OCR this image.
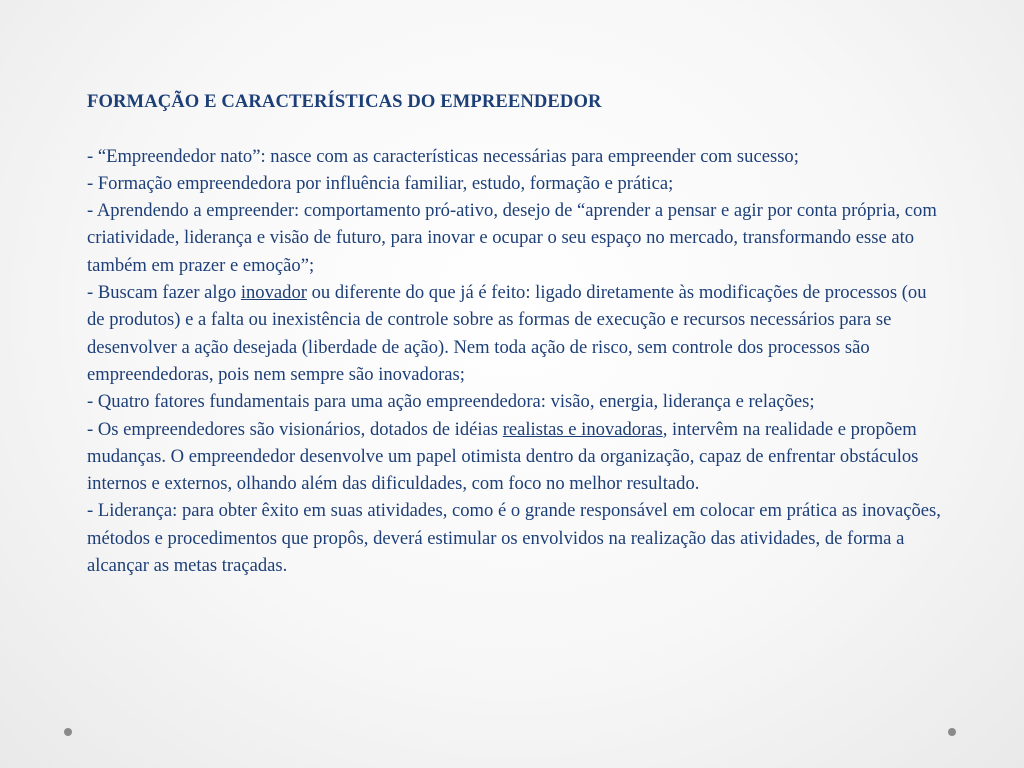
FORMAÇÃO E CARACTERÍSTICAS DO EMPREENDEDOR

- “Empreendedor nato”: nasce com as características necessárias para empreender com sucesso;

- Formação empreendedora por influência familiar, estudo, formação e prática;

- Aprendendo a empreender: comportamento pró-ativo, desejo de “aprender a pensar e agir por conta própria, com criatividade, liderança e visão de futuro, para inovar e ocupar o seu espaço no mercado, transformando esse ato também em prazer e emoção”;

- Buscam fazer algo inovador ou diferente do que já é feito: ligado diretamente às modificações de processos (ou de produtos) e a falta ou inexistência de controle sobre as formas de execução e recursos necessários para se desenvolver a ação desejada (liberdade de ação). Nem toda ação de risco, sem controle dos processos são empreendedoras, pois nem sempre são inovadoras;

- Quatro fatores fundamentais para uma ação empreendedora: visão, energia, liderança e relações;

- Os empreendedores são visionários, dotados de idéias realistas e inovadoras, intervêm na realidade e propõem mudanças. O empreendedor desenvolve um papel otimista dentro da organização, capaz de enfrentar obstáculos internos e externos, olhando além das dificuldades, com foco no melhor resultado.

- Liderança: para obter êxito em suas atividades, como é o grande responsável em colocar em prática as inovações, métodos e procedimentos que propôs, deverá estimular os envolvidos na realização das atividades, de forma a alcançar as metas traçadas.
